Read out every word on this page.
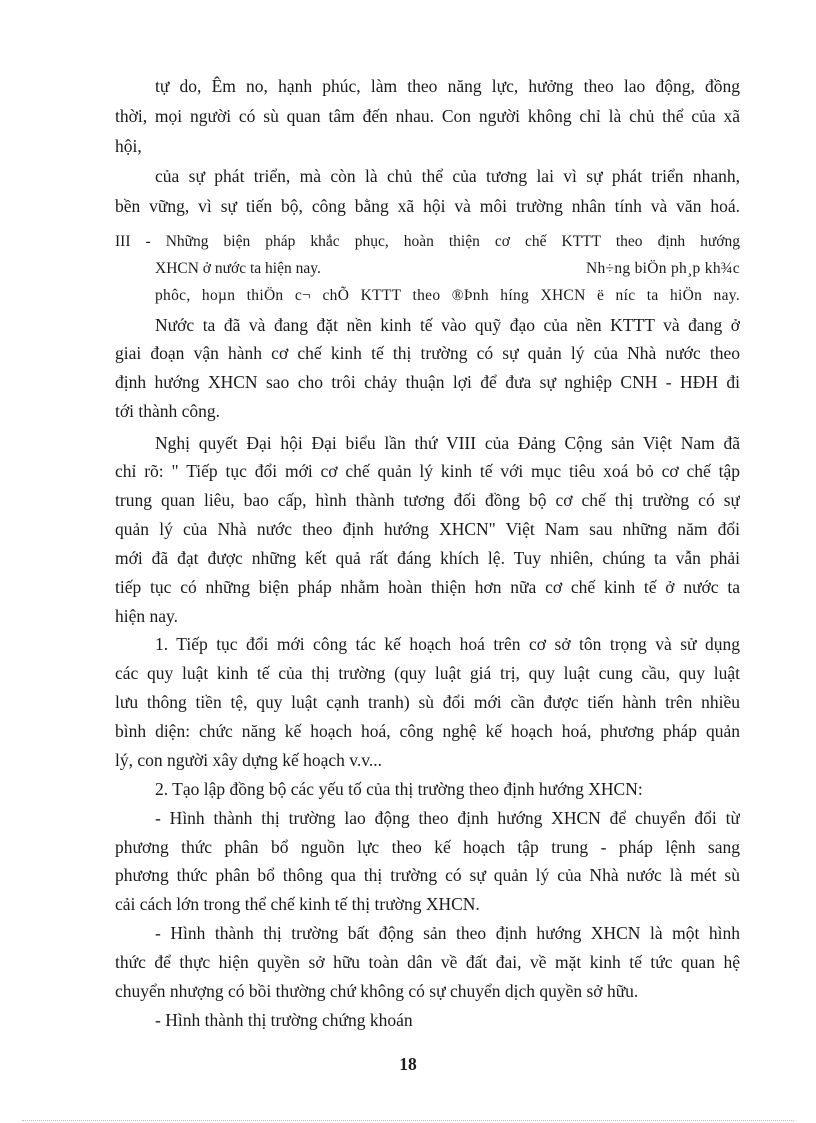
tự do, Êm no, hạnh phúc, làm theo năng lực, hưởng theo lao động, đồng
thời, mọi người có sù quan tâm đến nhau. Con người không chỉ là chủ thể của xã
hội,
của sự phát triển, mà còn là chủ thể của tương lai vì sự phát triển nhanh,
bền vững, vì sự tiến bộ, công bằng xã hội và môi trường nhân tính và văn hoá.
III - Những biện pháp khắc phục, hoàn thiện cơ chế KTTT theo định hướng
XHCN ở nước ta hiện nay.	Nh÷ng biÖn ph¸p kh¾c
phôc, hoµn thiÖn c¬ chÕ KTTT theo ®Þnh híng XHCN ë níc ta hiÖn nay.
Nước ta đã và đang đặt nền kinh tế vào quỹ đạo của nền KTTT và đang ở
giai đoạn vận hành cơ chế kinh tế thị trường có sự quản lý của Nhà nước theo
định hướng XHCN sao cho trôi chảy thuận lợi để đưa sự nghiệp CNH - HĐH đi
tới thành công.
Nghị quyết Đại hội Đại biểu lần thứ VIII của Đảng Cộng sản Việt Nam đã
chỉ rõ: " Tiếp tục đổi mới cơ chế quản lý kinh tế với mục tiêu xoá bỏ cơ chế tập
trung quan liêu, bao cấp, hình thành tương đối đồng bộ cơ chế thị trường có sự
quản lý của Nhà nước theo định hướng XHCN" Việt Nam sau những năm đổi
mới đã đạt được những kết quả rất đáng khích lệ. Tuy nhiên, chúng ta vẫn phải
tiếp tục có những biện pháp nhằm hoàn thiện hơn nữa cơ chế kinh tế ở nước ta
hiện nay.
1. Tiếp tục đổi mới công tác kế hoạch hoá trên cơ sở tôn trọng và sử dụng
các quy luật kinh tế của thị trường (quy luật giá trị, quy luật cung cầu, quy luật
lưu thông tiền tệ, quy luật cạnh tranh) sù đổi mới cần được tiến hành trên nhiều
bình diện: chức năng kế hoạch hoá, công nghệ kế hoạch hoá, phương pháp quản
lý, con người xây dựng kế hoạch v.v...
2. Tạo lập đồng bộ các yếu tố của thị trường theo định hướng XHCN:
- Hình thành thị trường lao động theo định hướng XHCN để chuyển đổi từ
phương thức phân bổ nguồn lực theo kế hoạch tập trung - pháp lệnh sang
phương thức phân bổ thông qua thị trường có sự quản lý của Nhà nước là mét sù
cải cách lớn trong thể chế kinh tế thị trường XHCN.
- Hình thành thị trường bất động sản theo định hướng XHCN là một hình
thức để thực hiện quyền sở hữu toàn dân về đất đai, về mặt kinh tế tức quan hệ
chuyển nhượng có bồi thường chứ không có sự chuyển dịch quyền sở hữu.
- Hình thành thị trường chứng khoán
18
